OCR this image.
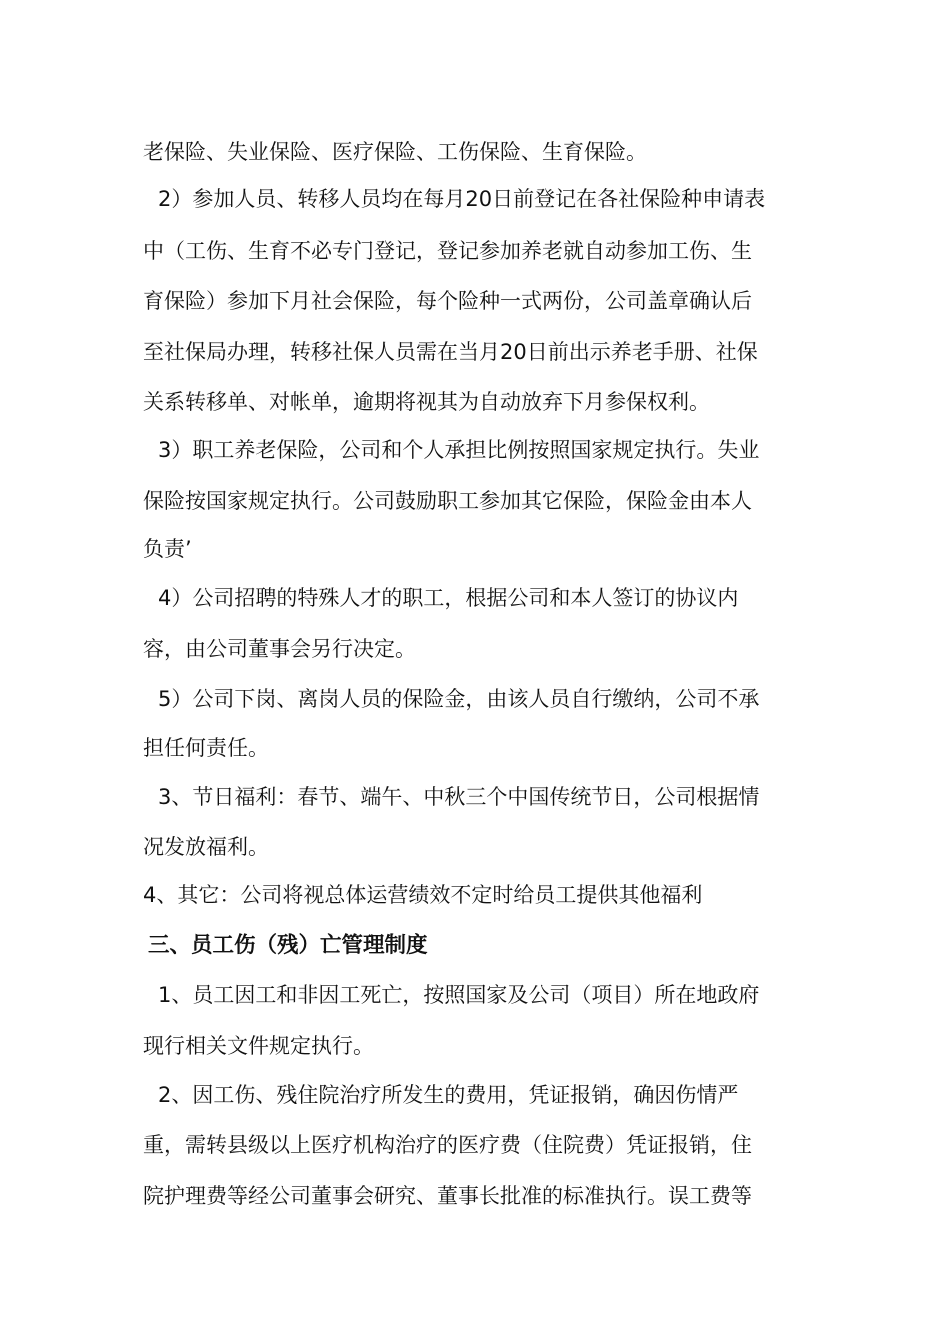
老保险、失业保险、医疗保险、工伤保险、生育保险。
2）参加人员、转移人员均在每月20日前登记在各社保险种申请表
中（工伤、生育不必专门登记，登记参加养老就自动参加工伤、生
育保险）参加下月社会保险，每个险种一式两份，公司盖章确认后
至社保局办理，转移社保人员需在当月20日前出示养老手册、社保
关系转移单、对帐单，逾期将视其为自动放弃下月参保权利。
3）职工养老保险，公司和个人承担比例按照国家规定执行。失业
保险按国家规定执行。公司鼓励职工参加其它保险，保险金由本人
负责’
4）公司招聘的特殊人才的职工，根据公司和本人签订的协议内
容，由公司董事会另行决定。
5）公司下岗、离岗人员的保险金，由该人员自行缴纳，公司不承
担任何责任。
3、节日福利：春节、端午、中秋三个中国传统节日，公司根据情
况发放福利。
4、其它：公司将视总体运营绩效不定时给员工提供其他福利
三、员工伤（残）亡管理制度
1、员工因工和非因工死亡，按照国家及公司（项目）所在地政府
现行相关文件规定执行。
2、因工伤、残住院治疗所发生的费用，凭证报销，确因伤情严
重，需转县级以上医疗机构治疗的医疗费（住院费）凭证报销，住
院护理费等经公司董事会研究、董事长批准的标准执行。误工费等
